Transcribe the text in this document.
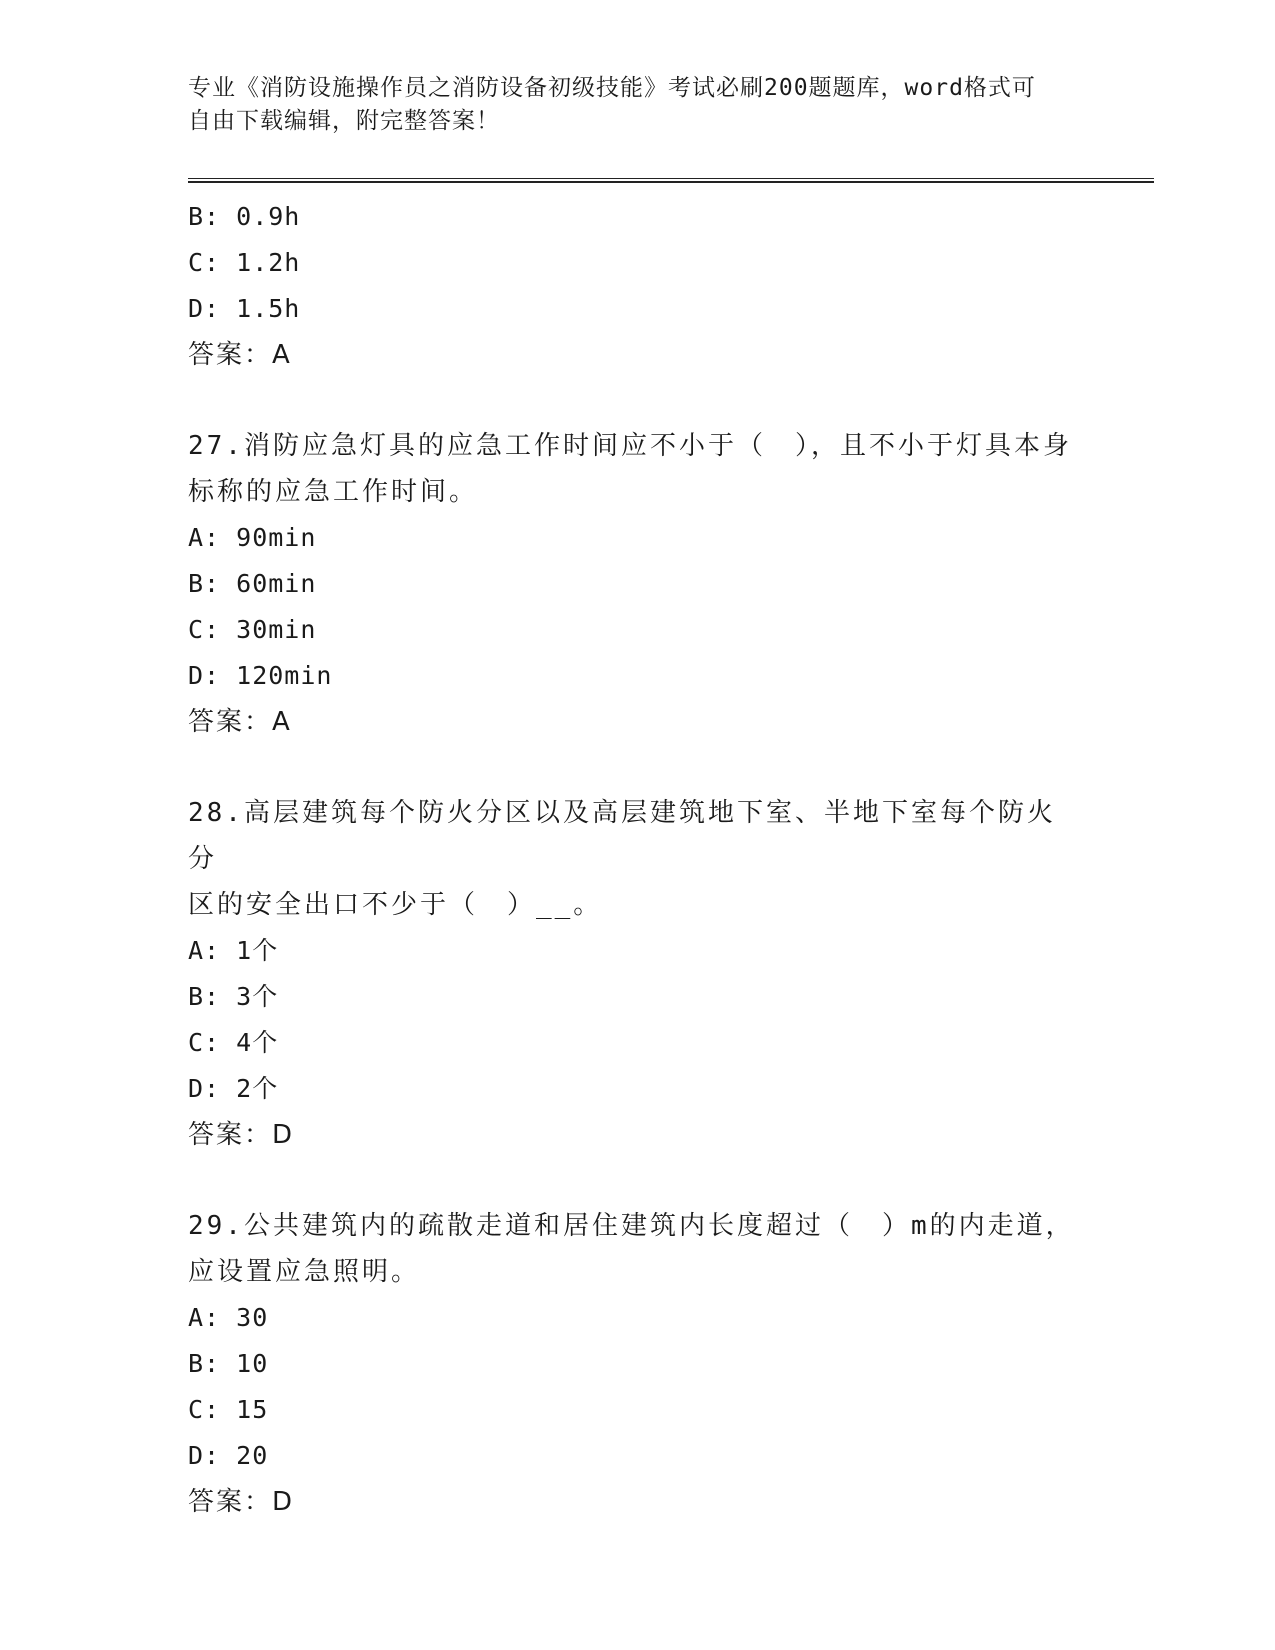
专业《消防设施操作员之消防设备初级技能》考试必刷200题题库，word格式可
自由下载编辑，附完整答案！
B: 0.9h
C: 1.2h
D: 1.5h
答案：A
27.消防应急灯具的应急工作时间应不小于（　），且不小于灯具本身
标称的应急工作时间。
A: 90min
B: 60min
C: 30min
D: 120min
答案：A
28.高层建筑每个防火分区以及高层建筑地下室、半地下室每个防火分
区的安全出口不少于（　）__。
A: 1个
B: 3个
C: 4个
D: 2个
答案：D
29.公共建筑内的疏散走道和居住建筑内长度超过（　）m的内走道，
应设置应急照明。
A: 30
B: 10
C: 15
D: 20
答案：D
